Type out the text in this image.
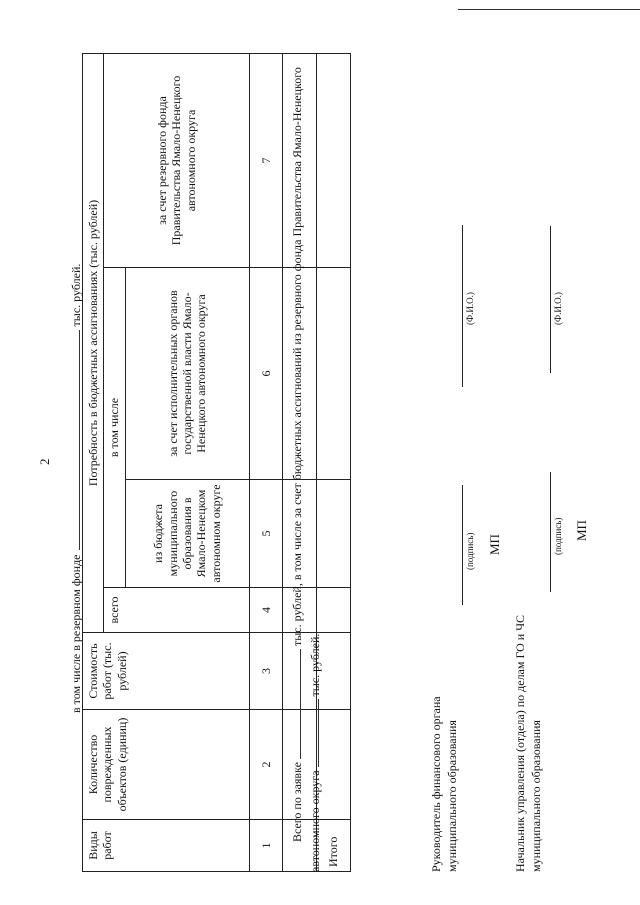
2
в том числе в резервном фондетыс. рублей.
Виды работ	Количество поврежденных объектов (единиц)	Стоимость работ (тыс. рублей)	Потребность в бюджетных ассигнованиях (тыс. рублей)			
			всего	в том числе		за счет резервного фонда Правительства Ямало-Ненецкого автономного округа
				из бюджета муниципального образования в Ямало-Ненецком автономном округе	за счет исполнительных органов государственной власти Ямало-Ненецкого автономного округа	
1	2	3	4	5	6	7

Итого						
Всего по заявке  тыс. рублей, в том числе за счет бюджетных ассигнований из резервного фонда Правительства Ямало-Ненецкого автономного округа  тыс. рублей.
Руководитель финансового органа муниципального образования
(подпись) МП
(Ф.И.О.)
Начальник управления (отдела) по делам ГО и ЧС муниципального образования
(подпись) МП
(Ф.И.О.)
